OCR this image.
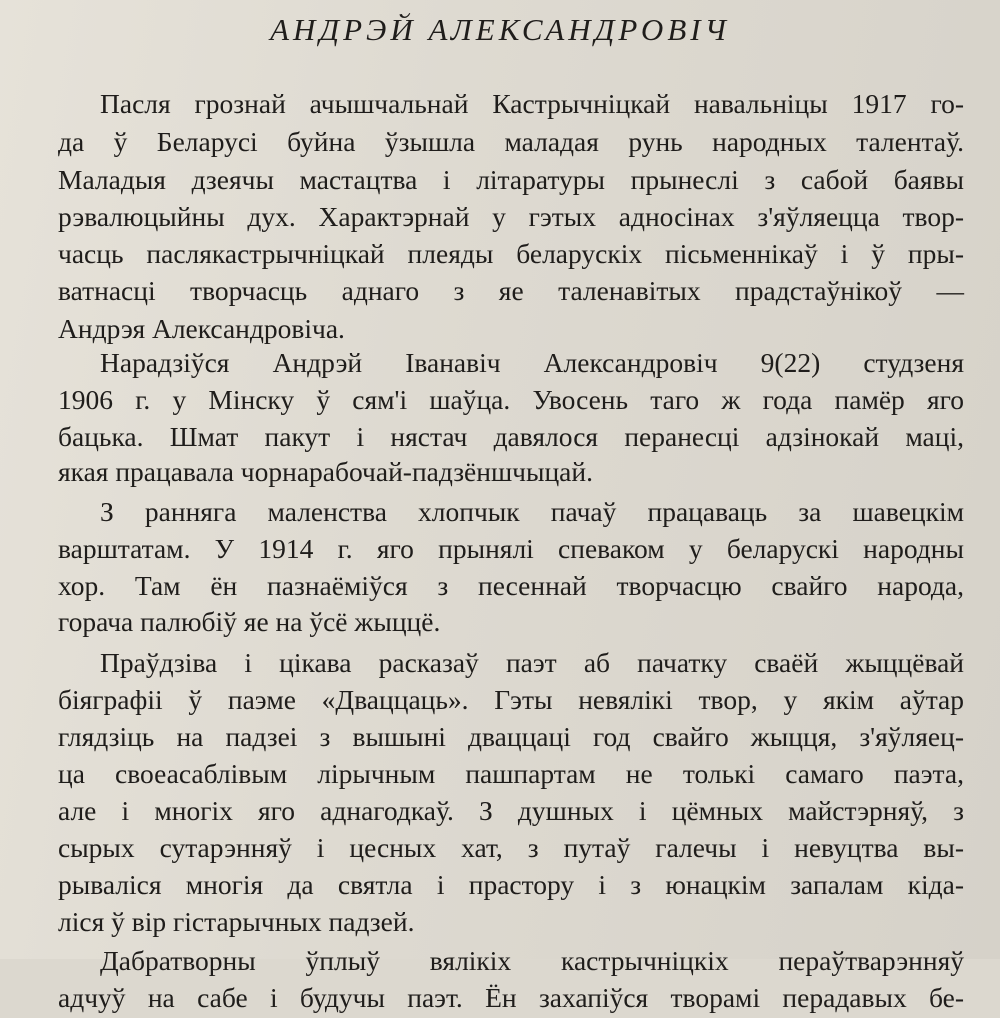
АНДРЭЙ АЛЕКСАНДРОВІЧ
Пасля грознай ачышчальнай Кастрычніцкай навальніцы 1917 го-
да ў Беларусі буйна ўзышла маладая рунь народных талентаў.
Маладыя дзеячы мастацтва і літаратуры прынеслі з сабой баявы
рэвалюцыйны дух. Характэрнай у гэтых адносінах з'яўляецца твор-
часць паслякастрычніцкай плеяды беларускіх пісьменнікаў і ў пры-
ватнасці творчасць аднаго з яе таленавітых прадстаўнікоў —
Андрэя Александровіча.
Нарадзіўся Андрэй Іванавіч Александровіч 9(22) студзеня
1906 г. у Мінску ў сям'і шаўца. Увосень таго ж года памёр яго
бацька. Шмат пакут і нястач давялося перанесці адзінокай маці,
якая працавала чорнарабочай-падзёншчыцай.
З ранняга маленства хлопчык пачаў працаваць за шавецкім
варштатам. У 1914 г. яго прынялі спеваком у беларускі народны
хор. Там ён пазнаёміўся з песеннай творчасцю свайго народа,
горача палюбіў яе на ўсё жыццё.
Праўдзіва і цікава расказаў паэт аб пачатку сваёй жыццёвай
біяграфіі ў паэме «Дваццаць». Гэты невялікі твор, у якім аўтар
глядзіць на падзеі з вышыні дваццаці год свайго жыцця, з'яўляец-
ца своеасаблівым лірычным пашпартам не толькі самаго паэта,
але і многіх яго аднагодкаў. З душных і цёмных майстэрняў, з
сырых сутарэнняў і цесных хат, з путаў галечы і невуцтва вы-
рываліся многія да святла і прастору і з юнацкім запалам кіда-
ліся ў вір гістарычных падзей.
Дабратворны ўплыў вялікіх кастрычніцкіх пераўтварэнняў
адчуў на сабе і будучы паэт. Ён захапіўся творамі перадавых бе-
